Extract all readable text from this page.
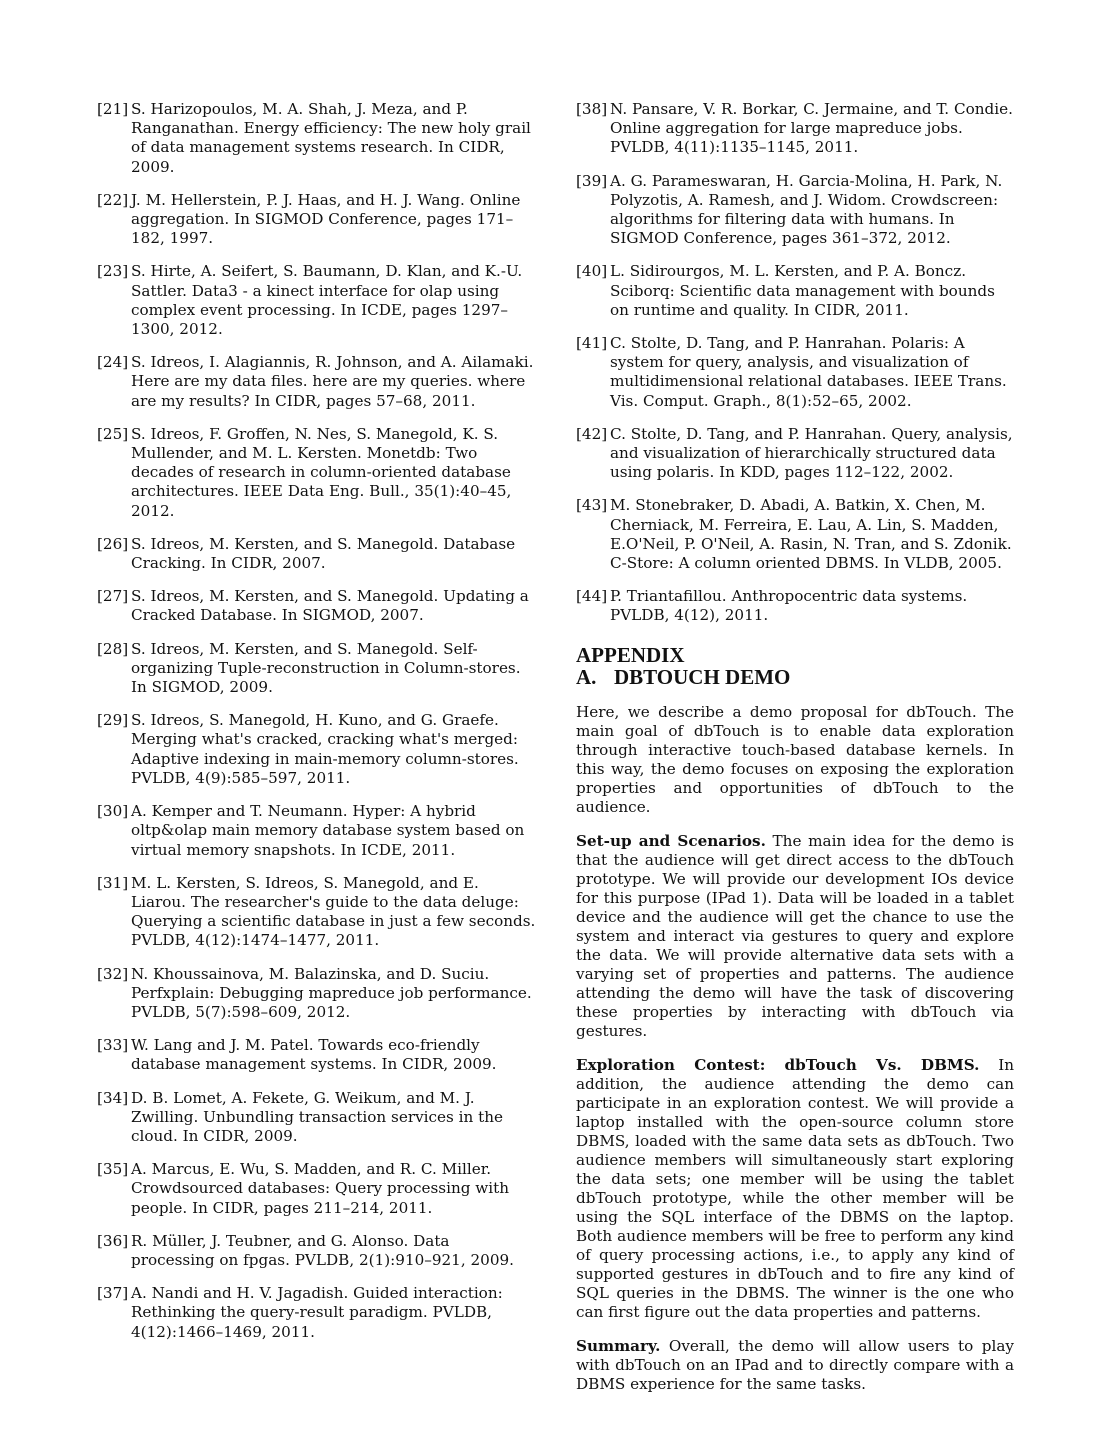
[21] S. Harizopoulos, M. A. Shah, J. Meza, and P. Ranganathan. Energy efficiency: The new holy grail of data management systems research. In CIDR, 2009.
[22] J. M. Hellerstein, P. J. Haas, and H. J. Wang. Online aggregation. In SIGMOD Conference, pages 171–182, 1997.
[23] S. Hirte, A. Seifert, S. Baumann, D. Klan, and K.-U. Sattler. Data3 - a kinect interface for olap using complex event processing. In ICDE, pages 1297–1300, 2012.
[24] S. Idreos, I. Alagiannis, R. Johnson, and A. Ailamaki. Here are my data files. here are my queries. where are my results? In CIDR, pages 57–68, 2011.
[25] S. Idreos, F. Groffen, N. Nes, S. Manegold, K. S. Mullender, and M. L. Kersten. Monetdb: Two decades of research in column-oriented database architectures. IEEE Data Eng. Bull., 35(1):40–45, 2012.
[26] S. Idreos, M. Kersten, and S. Manegold. Database Cracking. In CIDR, 2007.
[27] S. Idreos, M. Kersten, and S. Manegold. Updating a Cracked Database. In SIGMOD, 2007.
[28] S. Idreos, M. Kersten, and S. Manegold. Self-organizing Tuple-reconstruction in Column-stores. In SIGMOD, 2009.
[29] S. Idreos, S. Manegold, H. Kuno, and G. Graefe. Merging what's cracked, cracking what's merged: Adaptive indexing in main-memory column-stores. PVLDB, 4(9):585–597, 2011.
[30] A. Kemper and T. Neumann. Hyper: A hybrid oltp&olap main memory database system based on virtual memory snapshots. In ICDE, 2011.
[31] M. L. Kersten, S. Idreos, S. Manegold, and E. Liarou. The researcher's guide to the data deluge: Querying a scientific database in just a few seconds. PVLDB, 4(12):1474–1477, 2011.
[32] N. Khoussainova, M. Balazinska, and D. Suciu. Perfxplain: Debugging mapreduce job performance. PVLDB, 5(7):598–609, 2012.
[33] W. Lang and J. M. Patel. Towards eco-friendly database management systems. In CIDR, 2009.
[34] D. B. Lomet, A. Fekete, G. Weikum, and M. J. Zwilling. Unbundling transaction services in the cloud. In CIDR, 2009.
[35] A. Marcus, E. Wu, S. Madden, and R. C. Miller. Crowdsourced databases: Query processing with people. In CIDR, pages 211–214, 2011.
[36] R. Müller, J. Teubner, and G. Alonso. Data processing on fpgas. PVLDB, 2(1):910–921, 2009.
[37] A. Nandi and H. V. Jagadish. Guided interaction: Rethinking the query-result paradigm. PVLDB, 4(12):1466–1469, 2011.
[38] N. Pansare, V. R. Borkar, C. Jermaine, and T. Condie. Online aggregation for large mapreduce jobs. PVLDB, 4(11):1135–1145, 2011.
[39] A. G. Parameswaran, H. Garcia-Molina, H. Park, N. Polyzotis, A. Ramesh, and J. Widom. Crowdscreen: algorithms for filtering data with humans. In SIGMOD Conference, pages 361–372, 2012.
[40] L. Sidirourgos, M. L. Kersten, and P. A. Boncz. Sciborq: Scientific data management with bounds on runtime and quality. In CIDR, 2011.
[41] C. Stolte, D. Tang, and P. Hanrahan. Polaris: A system for query, analysis, and visualization of multidimensional relational databases. IEEE Trans. Vis. Comput. Graph., 8(1):52–65, 2002.
[42] C. Stolte, D. Tang, and P. Hanrahan. Query, analysis, and visualization of hierarchically structured data using polaris. In KDD, pages 112–122, 2002.
[43] M. Stonebraker, D. Abadi, A. Batkin, X. Chen, M. Cherniack, M. Ferreira, E. Lau, A. Lin, S. Madden, E.O'Neil, P. O'Neil, A. Rasin, N. Tran, and S. Zdonik. C-Store: A column oriented DBMS. In VLDB, 2005.
[44] P. Triantafillou. Anthropocentric data systems. PVLDB, 4(12), 2011.
APPENDIX
A. DBTOUCH DEMO

Here, we describe a demo proposal for dbTouch. The main goal of dbTouch is to enable data exploration through interactive touch-based database kernels. In this way, the demo focuses on exposing the exploration properties and opportunities of dbTouch to the audience.

Set-up and Scenarios. The main idea for the demo is that the audience will get direct access to the dbTouch prototype. We will provide our development IOs device for this purpose (IPad 1). Data will be loaded in a tablet device and the audience will get the chance to use the system and interact via gestures to query and explore the data. We will provide alternative data sets with a varying set of properties and patterns. The audience attending the demo will have the task of discovering these properties by interacting with dbTouch via gestures.

Exploration Contest: dbTouch Vs. DBMS. In addition, the audience attending the demo can participate in an exploration contest. We will provide a laptop installed with the open-source column store DBMS, loaded with the same data sets as dbTouch. Two audience members will simultaneously start exploring the data sets; one member will be using the tablet dbTouch prototype, while the other member will be using the SQL interface of the DBMS on the laptop. Both audience members will be free to perform any kind of query processing actions, i.e., to apply any kind of supported gestures in dbTouch and to fire any kind of SQL queries in the DBMS. The winner is the one who can first figure out the data properties and patterns.

Summary. Overall, the demo will allow users to play with dbTouch on an IPad and to directly compare with a DBMS experience for the same tasks.
